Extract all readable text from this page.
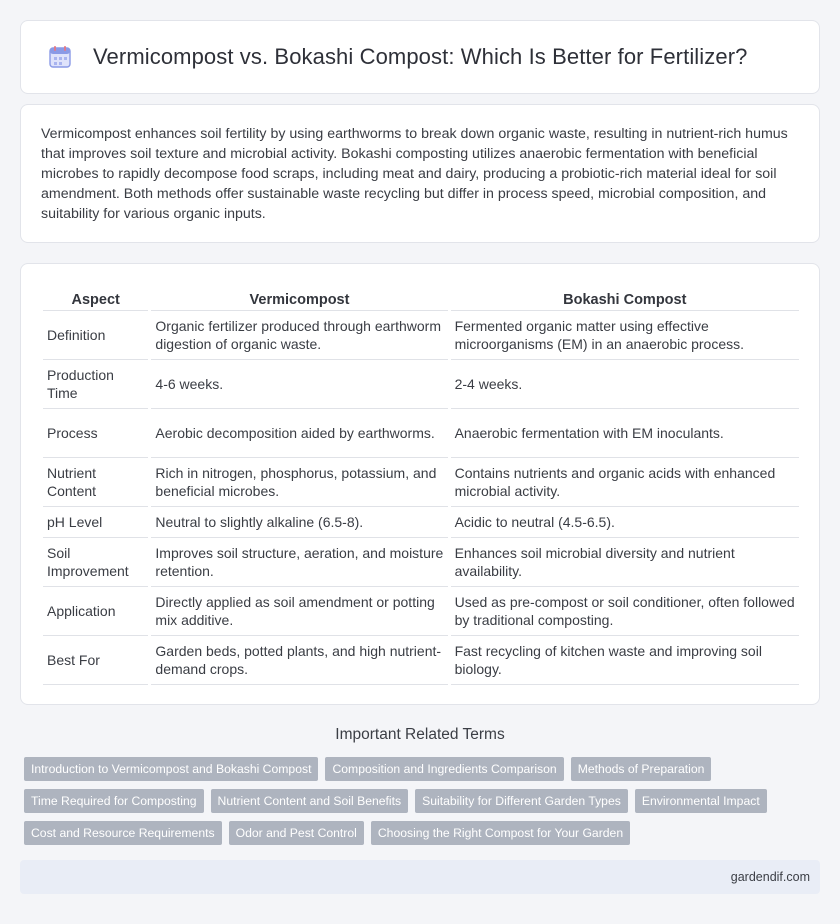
Vermicompost vs. Bokashi Compost: Which Is Better for Fertilizer?

Vermicompost enhances soil fertility by using earthworms to break down organic waste, resulting in nutrient-rich humus that improves soil texture and microbial activity. Bokashi composting utilizes anaerobic fermentation with beneficial microbes to rapidly decompose food scraps, including meat and dairy, producing a probiotic-rich material ideal for soil amendment. Both methods offer sustainable waste recycling but differ in process speed, microbial composition, and suitability for various organic inputs.

Aspect	Vermicompost	Bokashi Compost
Definition	Organic fertilizer produced through earthworm digestion of organic waste.	Fermented organic matter using effective microorganisms (EM) in an anaerobic process.
Production Time	4-6 weeks.	2-4 weeks.
Process	Aerobic decomposition aided by earthworms.	Anaerobic fermentation with EM inoculants.
Nutrient Content	Rich in nitrogen, phosphorus, potassium, and beneficial microbes.	Contains nutrients and organic acids with enhanced microbial activity.
pH Level	Neutral to slightly alkaline (6.5-8).	Acidic to neutral (4.5-6.5).
Soil Improvement	Improves soil structure, aeration, and moisture retention.	Enhances soil microbial diversity and nutrient availability.
Application	Directly applied as soil amendment or potting mix additive.	Used as pre-compost or soil conditioner, often followed by traditional composting.
Best For	Garden beds, potted plants, and high nutrient-demand crops.	Fast recycling of kitchen waste and improving soil biology.
Important Related Terms
Introduction to Vermicompost and Bokashi Compost	Composition and Ingredients Comparison	Methods of Preparation
Time Required for Composting	Nutrient Content and Soil Benefits	Suitability for Different Garden Types	Environmental Impact
Cost and Resource Requirements	Odor and Pest Control	Choosing the Right Compost for Your Garden
gardendif.com
